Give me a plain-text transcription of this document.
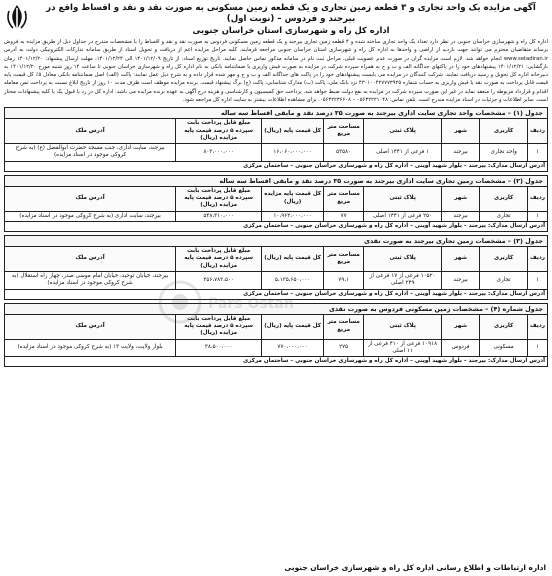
آگهی مزایده یک واحد تجاری و ۳ قطعه زمین تجاری و یک قطعه زمین مسکونی به صورت نقد و نقد و اقساط واقع در بیرجند و فردوس – (نوبت اول)
اداره کل راه و شهرسازی استان خراسان جنوبی

اداره کل راه و شهرسازی خراسان جنوبی در نظر دارد تعداد یک واحد تجاری ساخته شده و ۴ قطعه زمین تجاری بیرجند و یک قطعه زمین مسکونی فردوس به صورت نقد و نقد و اقساط را با مشخصات مندرج در جداول ذیل از طریق مزایده به فروش برساند متقاضیان محترم می توانند جهت بازدید از اراضی و واحدها به اداره کل راه و شهرسازی استان خراسان جنوبی مراجعه فرمایند. کلیه مراحل مزایده اعم از دریافت و تحویل اسناد از طریق سامانه تدارکات الکترونیکی دولت به آدرس www.setadiran.ir انجام خواهد شد. لازم است مزایده گران در صورت عدم عضویت قبلی، مراحل ثبت نام در سامانه مذکور تماس حاصل نمایند. تاریخ توزیع اسناد: از تاریخ ۱۴۰۱/۱۲/۰۹ الی ۱۴۰۱/۱۲/۲۴، مهلت ارسال پیشنهاد: ۱۴۰۱/۱۲/۲۰ زمان بازگشایی: ۱۴۰۱/۱۲/۲۱ پیشنهادهای خود را در پاکتهای جداگانه الف و ب و ج به همراه سپرده شرکت در مزایده به صورت فیش واریزی یا ضمانتنامه بانکی به نام اداره کل راه و شهرسازی خراسان جنوبی تا ساعت ۱۴ روز شنبه مورخ ۱۴۰۱/۱۲/۲۰ به دبیرخانه اداره کل تحویل و رسید دریافت نمایند. شرکت کنندگان در مزایده می بایست پیشنهادهای خود را در پاکت های جداگانه الف و ب و ج و مهر شده قرار داده و به شرح ذیل عمل نمایند: پاکت (الف) اصل ضمانتنامه بانکی معادل ۵٪ کل قیمت پایه قیمت قابل پرداخت به صورت نقد یا فیش واریزی به حساب شماره ۴۳۰۱۰۰۴۲۷۷۷۳۹۲۵ نزد بانک ملی، پاکت (ب) مدارک شناسایی، پاکت (ج) برگ پیشنهاد قیمت. برنده مزایده موظف است ظرف مدت ۱۰ روز از تاریخ ابلاغ نسبت به پرداخت ثمن معامله اقدام و قرارداد مربوطه را منعقد نماید در غیر این صورت سپرده شرکت در مزایده به نفع دولت ضبط خواهد شد. پرداخت حق کمیسیون و کارشناسی و هزینه درج آگهی به عهده برنده مزایده می باشد. اداره کل در رد یا قبول یک یا کلیه پیشنهادات مختار است. سایر اطلاعات و جزئیات در اسناد مزایده مندرج است. تلفن تماس: ۰۵۶۳۲۲۲۱۰۴۸ – ۰۵۶۳۲۲۳۶۶۰۸. برای مشاهده اطلاعات بیشتر به سایت اداره کل مراجعه شود.

جدول (۱) – مشخصات واحد تجاری سایت اداری بیرجند به صورت ۳۵ درصد نقد و مابقی اقساط سه ساله
ردیف	کاربری	شهر	پلاک ثبتی	مساحت متر مربع	کل قیمت پایه (ریال)	مبلغ قابل پرداخت بابت سپرده ۵ درصد قیمت پایه مزایده (ریال)	آدرس ملک
۱	واحد تجاری	بیرجند	۱ فرعی از ۱۴۴۱ اصلی	۵۳۵۸۰	۱۶،۰۶۰،۰۰۰،۰۰۰	۸۰۳،۰۰۰،۰۰۰	بیرجند، سایت اداری، جنب مسجد حضرت ابوالفضل (ع) (به شرح کروکی موجود در اسناد مزایده)
آدرس ارسال مدارک: بیرجند – بلوار شهید آوینی – اداره کل راه و شهرسازی خراسان جنوبی – ساختمان مرکزی							
جدول (۲) – مشخصات زمین تجاری سایت اداری بیرجند به صورت ۳۵ درصد نقد و مابقی اقساط سه ساله
ردیف	کاربری	شهر	پلاک ثبتی	مساحت متر مربع	کل قیمت پایه مزایده (ریال)	مبلغ قابل پرداخت بابت سپرده ۵ درصد قیمت پایه مزایده (ریال)	آدرس ملک
۱	تجاری	بیرجند	۲۵۰ فرعی از ۱۴۴۱ اصلی	۷۷	۱۰،۹۶۲،۰۰۰،۰۰۰	۵۴۸،۳۱۰،۰۰۰	بیرجند، سایت اداری (به شرح کروکی موجود در اسناد مزایده)
آدرس ارسال مدارک: بیرجند – بلوار شهید آوینی – اداره کل راه و شهرسازی خراسان جنوبی – ساختمان مرکزی							
جدول (۳) – مشخصات زمین تجاری بیرجند به صورت نقدی
ردیف	کاربری	شهر	پلاک ثبتی	مساحت متر مربع	کل قیمت پایه (ریال)	مبلغ قابل پرداخت بابت سپرده ۵ درصد قیمت پایه مزایده (ریال)	آدرس ملک
۱	تجاری	بیرجند	۱۰۵۲۰ فرعی از ۱۷ فرعی از ۲۴۹ اصلی	۷۹،۱	۵،۱۳۵،۶۵۰،۰۰۰	۲۵۶،۷۸۲،۵۰۰	بیرجند، خیابان توحید، خیابان امام موسی صدر، چهار راه استقلال (به شرح کروکی موجود در اسناد مزایده)
آدرس ارسال مدارک: بیرجند – بلوار شهید آوینی – اداره کل راه و شهرسازی خراسان جنوبی – ساختمان مرکزی							
جدول شماره (۴) – مشخصات زمین مسکونی فردوس به صورت نقدی
ردیف	کاربری	شهر	پلاک ثبتی	مساحت متر مربع	کل قیمت پایه (ریال)	مبلغ قابل پرداخت بابت سپرده ۵ درصد قیمت پایه مزایده (ریال)	آدرس ملک
۱	مسکونی	فردوس	۱۰۹۱۸ فرعی از ۴۱۰ فرعی از ۱۱ اصلی	۲۷۵	۷۷۰،۰۰۰،۰۰۰	۳۸،۵۰۰،۰۰۰	بلوار ولایت، ولایت ۱۳ (به شرح کروکی موجود در اسناد مزایده)
آدرس ارسال مدارک: بیرجند – بلوار شهید آوینی – اداره کل راه و شهرسازی خراسان جنوبی – ساختمان مرکزی							
اداره ارتباطات و اطلاع رسانی اداره کل راه و شهرسازی خراسان جنوبی
